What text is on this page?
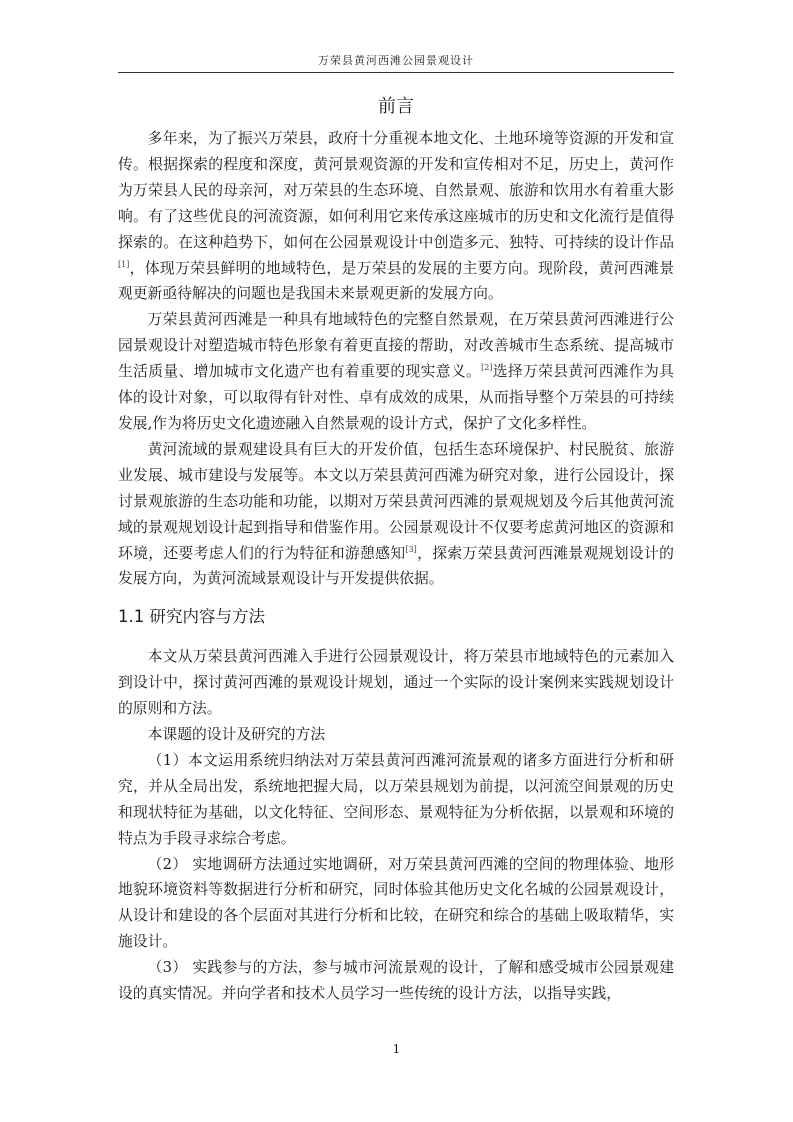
万荣县黄河西滩公园景观设计
前言

多年来，为了振兴万荣县，政府十分重视本地文化、土地环境等资源的开发和宣传。根据探索的程度和深度，黄河景观资源的开发和宣传相对不足，历史上，黄河作为万荣县人民的母亲河，对万荣县的生态环境、自然景观、旅游和饮用水有着重大影响。有了这些优良的河流资源，如何利用它来传承这座城市的历史和文化流行是值得探索的。在这种趋势下，如何在公园景观设计中创造多元、独特、可持续的设计作品[1]，体现万荣县鲜明的地域特色，是万荣县的发展的主要方向。现阶段，黄河西滩景观更新亟待解决的问题也是我国未来景观更新的发展方向。

万荣县黄河西滩是一种具有地域特色的完整自然景观，在万荣县黄河西滩进行公园景观设计对塑造城市特色形象有着更直接的帮助，对改善城市生态系统、提高城市生活质量、增加城市文化遗产也有着重要的现实意义。[2]选择万荣县黄河西滩作为具体的设计对象，可以取得有针对性、卓有成效的成果，从而指导整个万荣县的可持续发展,作为将历史文化遗迹融入自然景观的设计方式，保护了文化多样性。

黄河流域的景观建设具有巨大的开发价值，包括生态环境保护、村民脱贫、旅游业发展、城市建设与发展等。本文以万荣县黄河西滩为研究对象，进行公园设计，探讨景观旅游的生态功能和功能，以期对万荣县黄河西滩的景观规划及今后其他黄河流域的景观规划设计起到指导和借鉴作用。公园景观设计不仅要考虑黄河地区的资源和环境，还要考虑人们的行为特征和游憩感知[3]，探索万荣县黄河西滩景观规划设计的发展方向，为黄河流域景观设计与开发提供依据。

1.1 研究内容与方法

本文从万荣县黄河西滩入手进行公园景观设计，将万荣县市地域特色的元素加入到设计中，探讨黄河西滩的景观设计规划，通过一个实际的设计案例来实践规划设计的原则和方法。

本课题的设计及研究的方法

（1）本文运用系统归纳法对万荣县黄河西滩河流景观的诸多方面进行分析和研究，并从全局出发，系统地把握大局，以万荣县规划为前提，以河流空间景观的历史和现状特征为基础，以文化特征、空间形态、景观特征为分析依据，以景观和环境的特点为手段寻求综合考虑。

（2） 实地调研方法通过实地调研，对万荣县黄河西滩的空间的物理体验、地形地貌环境资料等数据进行分析和研究，同时体验其他历史文化名城的公园景观设计，从设计和建设的各个层面对其进行分析和比较，在研究和综合的基础上吸取精华，实施设计。

（3） 实践参与的方法，参与城市河流景观的设计，了解和感受城市公园景观建设的真实情况。并向学者和技术人员学习一些传统的设计方法，以指导实践，

1
